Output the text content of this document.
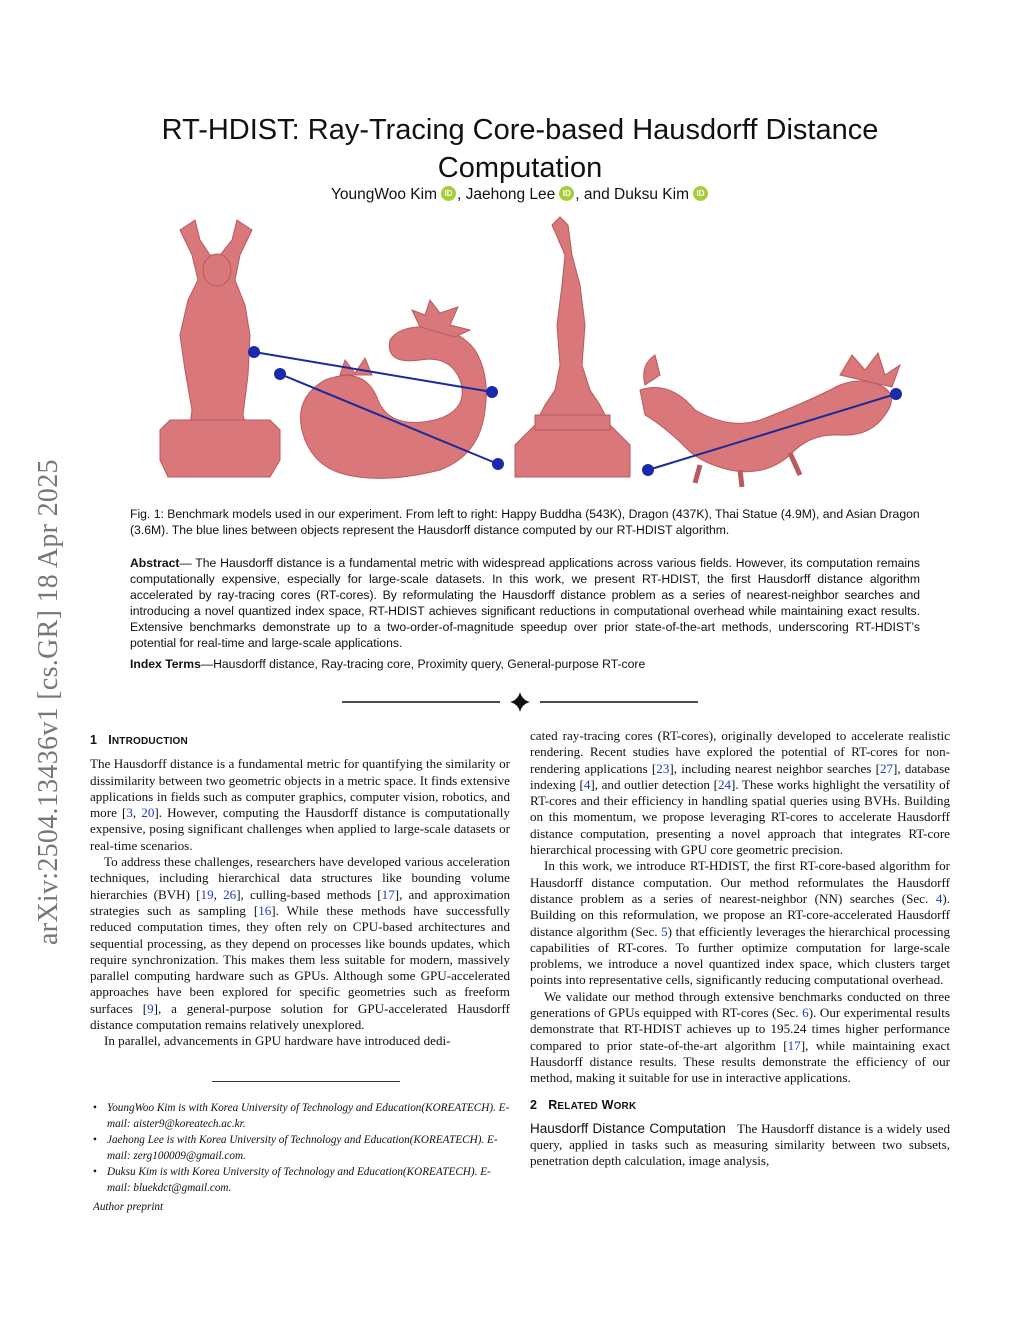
arXiv:2504.13436v1 [cs.GR] 18 Apr 2025
RT-HDIST: Ray-Tracing Core-based Hausdorff Distance Computation
YoungWoo Kim ID , Jaehong Lee ID , and Duksu Kim ID
Fig. 1: Benchmark models used in our experiment. From left to right: Happy Buddha (543K), Dragon (437K), Thai Statue (4.9M), and Asian Dragon (3.6M). The blue lines between objects represent the Hausdorff distance computed by our RT-HDIST algorithm.
Abstract— The Hausdorff distance is a fundamental metric with widespread applications across various fields. However, its computation remains computationally expensive, especially for large-scale datasets. In this work, we present RT-HDIST, the first Hausdorff distance algorithm accelerated by ray-tracing cores (RT-cores). By reformulating the Hausdorff distance problem as a series of nearest-neighbor searches and introducing a novel quantized index space, RT-HDIST achieves significant reductions in computational overhead while maintaining exact results. Extensive benchmarks demonstrate up to a two-order-of-magnitude speedup over prior state-of-the-art methods, underscoring RT-HDIST’s potential for real-time and large-scale applications.
Index Terms—Hausdorff distance, Ray-tracing core, Proximity query, General-purpose RT-core
1 INTRODUCTION

The Hausdorff distance is a fundamental metric for quantifying the similarity or dissimilarity between two geometric objects in a metric space. It finds extensive applications in fields such as computer graphics, computer vision, robotics, and more [3, 20]. However, computing the Hausdorff distance is computationally expensive, posing significant challenges when applied to large-scale datasets or real-time scenarios.

To address these challenges, researchers have developed various acceleration techniques, including hierarchical data structures like bounding volume hierarchies (BVH) [19, 26], culling-based methods [17], and approximation strategies such as sampling [16]. While these methods have successfully reduced computation times, they often rely on CPU-based architectures and sequential processing, as they depend on processes like bounds updates, which require synchronization. This makes them less suitable for modern, massively parallel computing hardware such as GPUs. Although some GPU-accelerated approaches have been explored for specific geometries such as freeform surfaces [9], a general-purpose solution for GPU-accelerated Hausdorff distance computation remains relatively unexplored.

In parallel, advancements in GPU hardware have introduced dedi-

• YoungWoo Kim is with Korea University of Technology and Education(KOREATECH). E-mail: aister9@koreatech.ac.kr.
• Jaehong Lee is with Korea University of Technology and Education(KOREATECH). E-mail: zerg100009@gmail.com.
• Duksu Kim is with Korea University of Technology and Education(KOREATECH). E-mail: bluekdct@gmail.com.
Author preprint

cated ray-tracing cores (RT-cores), originally developed to accelerate realistic rendering. Recent studies have explored the potential of RT-cores for non-rendering applications [23], including nearest neighbor searches [27], database indexing [4], and outlier detection [24]. These works highlight the versatility of RT-cores and their efficiency in handling spatial queries using BVHs. Building on this momentum, we propose leveraging RT-cores to accelerate Hausdorff distance computation, presenting a novel approach that integrates RT-core hierarchical processing with GPU core geometric precision.

In this work, we introduce RT-HDIST, the first RT-core-based algorithm for Hausdorff distance computation. Our method reformulates the Hausdorff distance problem as a series of nearest-neighbor (NN) searches (Sec. 4). Building on this reformulation, we propose an RT-core-accelerated Hausdorff distance algorithm (Sec. 5) that efficiently leverages the hierarchical processing capabilities of RT-cores. To further optimize computation for large-scale problems, we introduce a novel quantized index space, which clusters target points into representative cells, significantly reducing computational overhead.

We validate our method through extensive benchmarks conducted on three generations of GPUs equipped with RT-cores (Sec. 6). Our experimental results demonstrate that RT-HDIST achieves up to 195.24 times higher performance compared to prior state-of-the-art algorithm [17], while maintaining exact Hausdorff distance results. These results demonstrate the efficiency of our method, making it suitable for use in interactive applications.

2 RELATED WORK

Hausdorff Distance Computation The Hausdorff distance is a widely used query, applied in tasks such as measuring similarity between two subsets, penetration depth calculation, image analysis,
